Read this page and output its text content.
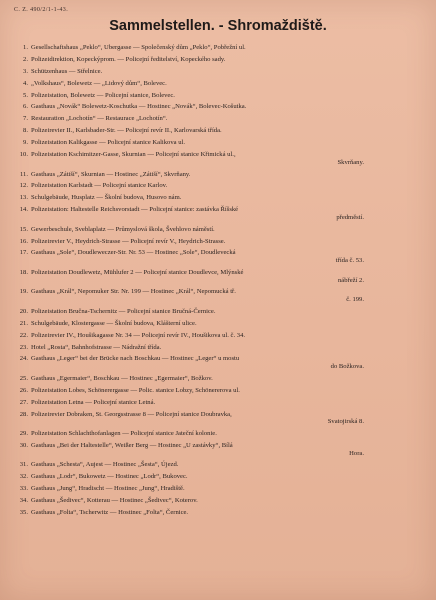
C. Z. 490/2/1-1-43.
Sammelstellen. - Shromaždiště.
1. Gesellschaftshaus „Peklo“, Ubergasse — Společenský dům „Peklo“, Pobřežní ul.
2. Polizeidirektion, Kopeckýprom. — Policejní ředitelství, Kopeckého sady.
3. Schützenhaus — Střelnice.
4. „Volkshaus“, Bolewetz — „Lidový dům“, Bolevec.
5. Polizeistation, Bolewetz — Policejní stanice, Bolevec.
6. Gasthaus „Novák“ Bolewetz-Koschutka — Hostinec „Novák“, Bolevec-Košutka.
7. Restauration „Lochotín“ — Restaurace „Lochotín“.
8. Polizeirevier II., Karlsbader-Str. — Policejní revír II., Karlovarská třída.
9. Polizeistation Kalikgasse — Policejní stanice Kalikova ul.
10. Polizeistation Kschimitzer-Gasse, Skurnian — Policejní stanice Křimická ul.,
Skvrňany.
11. Gasthaus „Zátiší“, Skurnian — Hostinec „Zátiší“, Skvrňany.
12. Polizeistation Karlstadt — Policejní stanice Karlov.
13. Schulgebäude, Husplatz — Školní budova, Husovo nám.
14. Polizeistation: Haltestelle Reichsvorstadt — Policejní stanice: zastávka Říšské
předměstí.
15. Gewerbeschule, Sveblaplatz — Průmyslová škola, Švehlovo náměstí.
16. Polizeirevier V., Heydrich-Strasse — Policejní revír V., Heydrich-Strasse.
17. Gasthaus „Sole“, Doudleweczer-Str. Nr. 53 — Hostinec „Sole“, Doudlevecká
třída č. 53.
18. Polizeistation Doudlewetz, Mühlufer 2 — Policejní stanice Doudlevce, Mlýnské
nábřeží 2.
19. Gasthaus „Král“, Nepomuker Str. Nr. 199 — Hostinec „Král“, Nepomucká tř.
č. 199.
20. Polizeistation Bručna-Tschernitz — Policejní stanice Bručná-Černice.
21. Schulgebäude, Klostergasse — Školní budova, Klášterní ulice.
22. Polizeirevier IV., Houšikagasse Nr. 34 — Policejní revír IV., Houšikova ul. č. 34.
23. Hotel „Rosta“, Bahnhofstrasse — Nádražní třída.
24. Gasthaus „Leger“ bei der Brücke nach Boschkau — Hostinec „Leger“ u mostu
do Božkova.
25. Gasthaus „Egermaier“, Boschkau — Hostinec „Egermaier“, Božkov.
26. Polizeistation Lobes, Schönerergasse — Polic. stanice Lobzy, Schönererova ul.
27. Polizeistation Letna — Policejní stanice Letná.
28. Polizeirevier Dobraken, St. Georgsstrasse 8 — Policejní stanice Doubravka,
Svatojirská 8.
29. Polizeistation Schlachthofanlagen — Policejní stanice Jateční kolonie.
30. Gasthaus „Bei der Haltestelle“, Weißer Berg — Hostinec „U zastávky“, Bílá
Hora.
31. Gasthaus „Schesta“, Aujest — Hostinec „Šesta“, Újezd.
32. Gasthaus „Lodr“, Bukowetz — Hostinec „Lodr“, Bukovec.
33. Gasthaus „Jung“, Hradischt — Hostinec „Jung“, Hradiště.
34. Gasthaus „Šedivec“, Kotterau — Hostinec „Šedivec“, Koterov.
35. Gasthaus „Folta“, Tscherwitz — Hostinec „Folta“, Černice.
